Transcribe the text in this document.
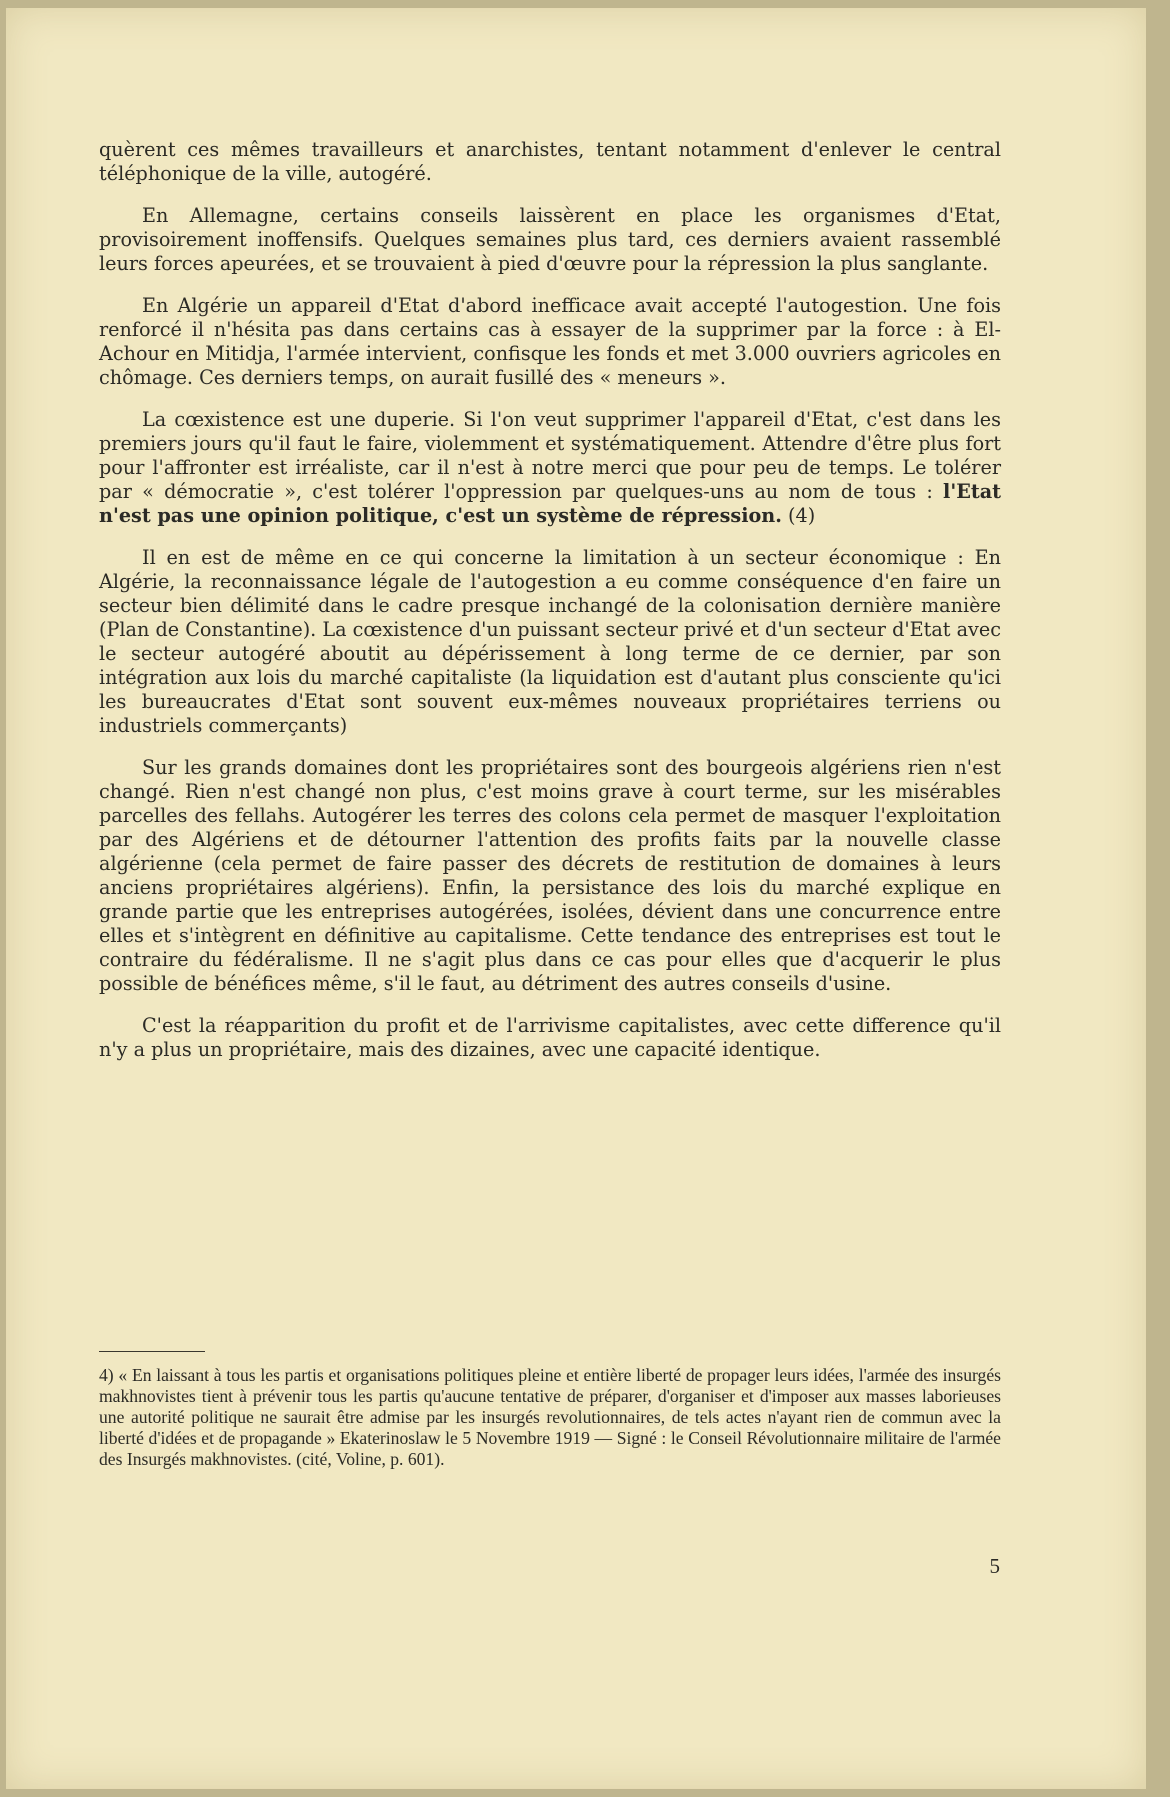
quèrent ces mêmes travailleurs et anarchistes, tentant notamment d'enlever le central téléphonique de la ville, autogéré.

En Allemagne, certains conseils laissèrent en place les organismes d'Etat, provisoirement inoffensifs. Quelques semaines plus tard, ces derniers avaient rassemblé leurs forces apeurées, et se trouvaient à pied d'œuvre pour la répression la plus sanglante.

En Algérie un appareil d'Etat d'abord inefficace avait accepté l'autogestion. Une fois renforcé il n'hésita pas dans certains cas à essayer de la supprimer par la force : à El-Achour en Mitidja, l'armée intervient, confisque les fonds et met 3.000 ouvriers agricoles en chômage. Ces derniers temps, on aurait fusillé des « meneurs ».

La cœxistence est une duperie. Si l'on veut supprimer l'appareil d'Etat, c'est dans les premiers jours qu'il faut le faire, violemment et systématiquement. Attendre d'être plus fort pour l'affronter est irréaliste, car il n'est à notre merci que pour peu de temps. Le tolérer par « démocratie », c'est tolérer l'oppression par quelques-uns au nom de tous : l'Etat n'est pas une opinion politique, c'est un système de répression. (4)

Il en est de même en ce qui concerne la limitation à un secteur économique : En Algérie, la reconnaissance légale de l'autogestion a eu comme conséquence d'en faire un secteur bien délimité dans le cadre presque inchangé de la colonisation dernière manière (Plan de Constantine). La cœxistence d'un puissant secteur privé et d'un secteur d'Etat avec le secteur autogéré aboutit au dépérissement à long terme de ce dernier, par son intégration aux lois du marché capitaliste (la liquidation est d'autant plus consciente qu'ici les bureaucrates d'Etat sont souvent eux-mêmes nouveaux propriétaires terriens ou industriels commerçants)

Sur les grands domaines dont les propriétaires sont des bourgeois algériens rien n'est changé. Rien n'est changé non plus, c'est moins grave à court terme, sur les misérables parcelles des fellahs. Autogérer les terres des colons cela permet de masquer l'exploitation par des Algériens et de détourner l'attention des profits faits par la nouvelle classe algérienne (cela permet de faire passer des décrets de restitution de domaines à leurs anciens propriétaires algériens). Enfin, la persistance des lois du marché explique en grande partie que les entreprises autogérées, isolées, dévient dans une concurrence entre elles et s'intègrent en définitive au capitalisme. Cette tendance des entreprises est tout le contraire du fédéralisme. Il ne s'agit plus dans ce cas pour elles que d'acquerir le plus possible de bénéfices même, s'il le faut, au détriment des autres conseils d'usine.

C'est la réapparition du profit et de l'arrivisme capitalistes, avec cette difference qu'il n'y a plus un propriétaire, mais des dizaines, avec une capacité identique.

4) « En laissant à tous les partis et organisations politiques pleine et entière liberté de propager leurs idées, l'armée des insurgés makhnovistes tient à prévenir tous les partis qu'aucune tentative de préparer, d'organiser et d'imposer aux masses laborieuses une autorité politique ne saurait être admise par les insurgés revolutionnaires, de tels actes n'ayant rien de commun avec la liberté d'idées et de propagande » Ekaterinoslaw le 5 Novembre 1919 — Signé : le Conseil Révolutionnaire militaire de l'armée des Insurgés makhnovistes. (cité, Voline, p. 601).

5
